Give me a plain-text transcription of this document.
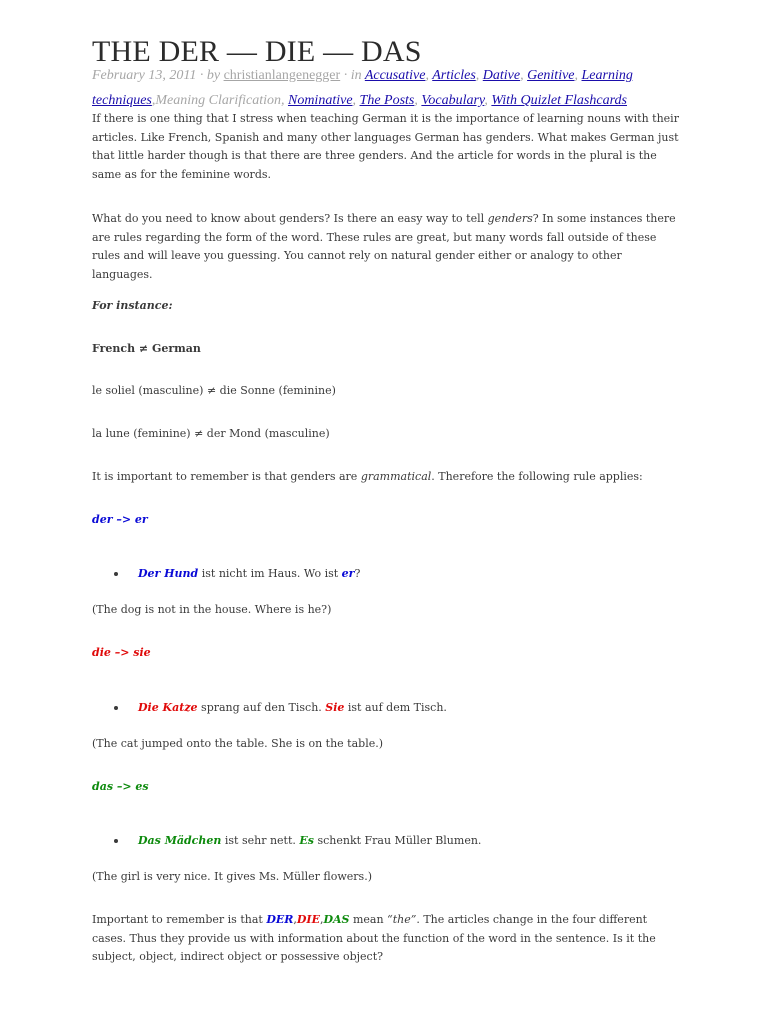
THE DER — DIE — DAS
February 13, 2011 · by christianlangenegger · in Accusative, Articles, Dative, Genitive, Learning techniques,Meaning Clarification, Nominative, The Posts, Vocabulary, With Quizlet Flashcards

If there is one thing that I stress when teaching German it is the importance of learning nouns with their articles. Like French, Spanish and many other languages German has genders. What makes German just that little harder though is that there are three genders. And the article for words in the plural is the same as for the feminine words.

What do you need to know about genders? Is there an easy way to tell genders? In some instances there are rules regarding the form of the word. These rules are great, but many words fall outside of these rules and will leave you guessing. You cannot rely on natural gender either or analogy to other languages.

For instance:
French ≠ German
le soliel (masculine) ≠ die Sonne (feminine)
la lune (feminine) ≠ der Mond (masculine)
It is important to remember is that genders are grammatical. Therefore the following rule applies:
der –> er
Der Hund ist nicht im Haus. Wo ist er?
(The dog is not in the house. Where is he?)
die –> sie
Die Katze sprang auf den Tisch. Sie ist auf dem Tisch.
(The cat jumped onto the table. She is on the table.)
das –> es
Das Mädchen ist sehr nett. Es schenkt Frau Müller Blumen.
(The girl is very nice. It gives Ms. Müller flowers.)

Important to remember is that DER,DIE,DAS mean “the”. The articles change in the four different cases. Thus they provide us with information about the function of the word in the sentence. Is it the subject, object, indirect object or possessive object?
